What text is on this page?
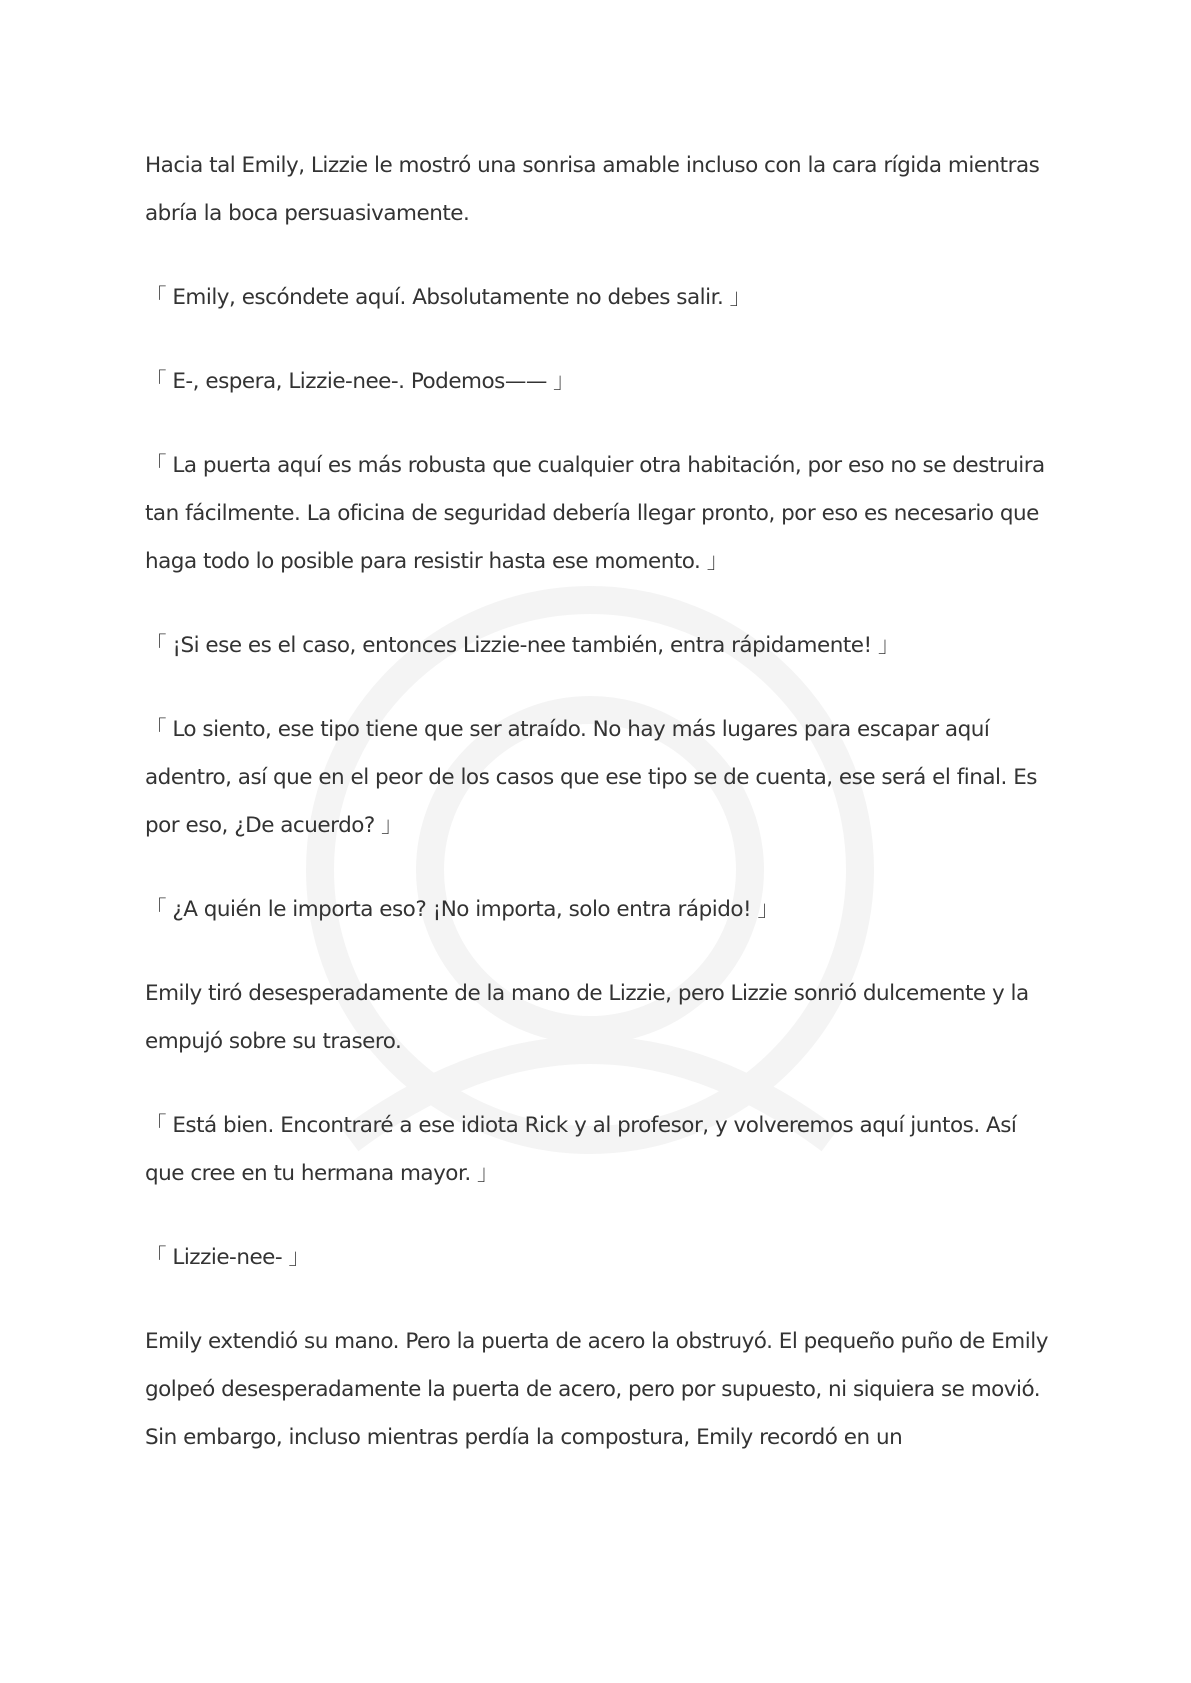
Hacia tal Emily, Lizzie le mostró una sonrisa amable incluso con la cara rígida mientras abría la boca persuasivamente.

「 Emily, escóndete aquí. Absolutamente no debes salir. 」

「 E-, espera, Lizzie-nee-. Podemos—— 」

「 La puerta aquí es más robusta que cualquier otra habitación, por eso no se destruira tan fácilmente. La oficina de seguridad debería llegar pronto, por eso es necesario que haga todo lo posible para resistir hasta ese momento. 」

「 ¡Si ese es el caso, entonces Lizzie-nee también, entra rápidamente! 」

「 Lo siento, ese tipo tiene que ser atraído. No hay más lugares para escapar aquí adentro, así que en el peor de los casos que ese tipo se de cuenta, ese será el final. Es por eso, ¿De acuerdo? 」

「 ¿A quién le importa eso? ¡No importa, solo entra rápido! 」

Emily tiró desesperadamente de la mano de Lizzie, pero Lizzie sonrió dulcemente y la empujó sobre su trasero.

「 Está bien. Encontraré a ese idiota Rick y al profesor, y volveremos aquí juntos. Así que cree en tu hermana mayor. 」

「 Lizzie-nee- 」

Emily extendió su mano. Pero la puerta de acero la obstruyó. El pequeño puño de Emily golpeó desesperadamente la puerta de acero, pero por supuesto, ni siquiera se movió. Sin embargo, incluso mientras perdía la compostura, Emily recordó en un
